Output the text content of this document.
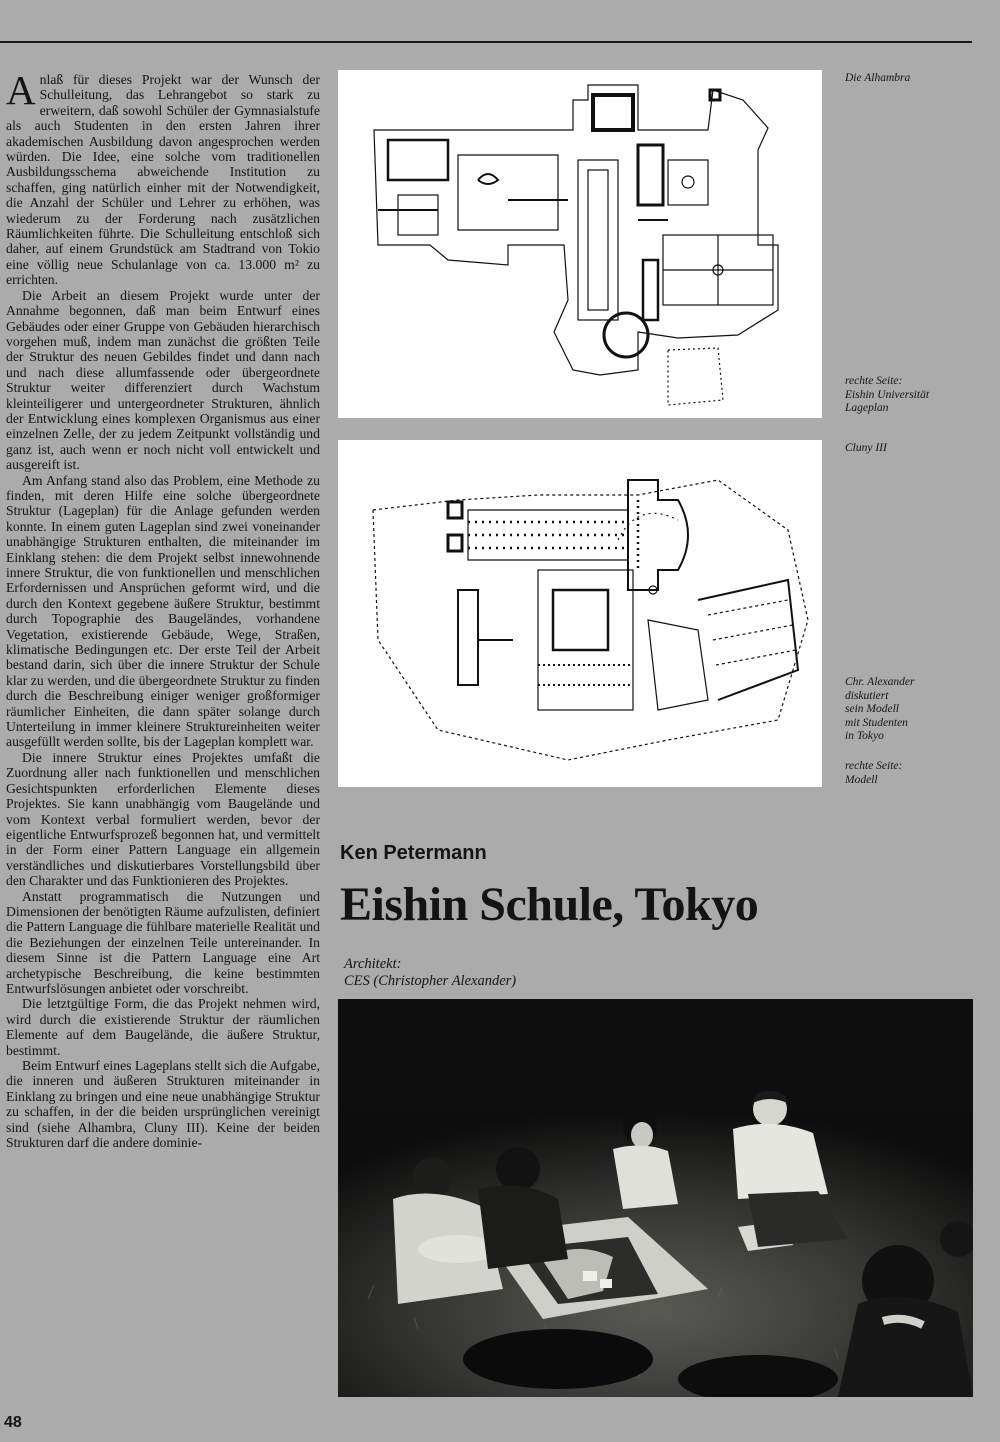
Anlaß für dieses Projekt war der Wunsch der Schulleitung, das Lehrangebot so stark zu erweitern, daß sowohl Schüler der Gymnasialstufe als auch Studenten in den ersten Jahren ihrer akademischen Ausbildung davon angesprochen werden würden. Die Idee, eine solche vom traditionellen Ausbildungsschema abweichende Institution zu schaffen, ging natürlich einher mit der Notwendigkeit, die Anzahl der Schüler und Lehrer zu erhöhen, was wiederum zu der Forderung nach zusätzlichen Räumlichkeiten führte. Die Schulleitung entschloß sich daher, auf einem Grundstück am Stadtrand von Tokio eine völlig neue Schulanlage von ca. 13.000 m² zu errichten.

Die Arbeit an diesem Projekt wurde unter der Annahme begonnen, daß man beim Entwurf eines Gebäudes oder einer Gruppe von Gebäuden hierarchisch vorgehen muß, indem man zunächst die größten Teile der Struktur des neuen Gebildes findet und dann nach und nach diese allumfassende oder übergeordnete Struktur weiter differenziert durch Wachstum kleinteiligerer und untergeordneter Strukturen, ähnlich der Entwicklung eines komplexen Organismus aus einer einzelnen Zelle, der zu jedem Zeitpunkt vollständig und ganz ist, auch wenn er noch nicht voll entwickelt und ausgereift ist.

Am Anfang stand also das Problem, eine Methode zu finden, mit deren Hilfe eine solche übergeordnete Struktur (Lageplan) für die Anlage gefunden werden konnte. In einem guten Lageplan sind zwei voneinander unabhängige Strukturen enthalten, die miteinander im Einklang stehen: die dem Projekt selbst innewohnende innere Struktur, die von funktionellen und menschlichen Erfordernissen und Ansprüchen geformt wird, und die durch den Kontext gegebene äußere Struktur, bestimmt durch Topographie des Baugeländes, vorhandene Vegetation, existierende Gebäude, Wege, Straßen, klimatische Bedingungen etc. Der erste Teil der Arbeit bestand darin, sich über die innere Struktur der Schule klar zu werden, und die übergeordnete Struktur zu finden durch die Beschreibung einiger weniger großformiger räumlicher Einheiten, die dann später solange durch Unterteilung in immer kleinere Struktureinheiten weiter ausgefüllt werden sollte, bis der Lageplan komplett war.

Die innere Struktur eines Projektes umfaßt die Zuordnung aller nach funktionellen und menschlichen Gesichtspunkten erforderlichen Elemente dieses Projektes. Sie kann unabhängig vom Baugelände und vom Kontext verbal formuliert werden, bevor der eigentliche Entwurfsprozeß begonnen hat, und vermittelt in der Form einer Pattern Language ein allgemein verständliches und diskutierbares Vorstellungsbild über den Charakter und das Funktionieren des Projektes.

Anstatt programmatisch die Nutzungen und Dimensionen der benötigten Räume aufzulisten, definiert die Pattern Language die fühlbare materielle Realität und die Beziehungen der einzelnen Teile untereinander. In diesem Sinne ist die Pattern Language eine Art archetypische Beschreibung, die keine bestimmten Entwurfslösungen anbietet oder vorschreibt.

Die letztgültige Form, die das Projekt nehmen wird, wird durch die existierende Struktur der räumlichen Elemente auf dem Baugelände, die äußere Struktur, bestimmt.

Beim Entwurf eines Lageplans stellt sich die Aufgabe, die inneren und äußeren Strukturen miteinander in Einklang zu bringen und eine neue unabhängige Struktur zu schaffen, in der die beiden ursprünglichen vereinigt sind (siehe Alhambra, Cluny III). Keine der beiden Strukturen darf die andere dominie-

Die Alhambra
rechte Seite:
Eishin Universität
Lageplan
Cluny III
Chr. Alexander
diskutiert
sein Modell
mit Studenten
in Tokyo
rechte Seite:
Modell
Ken Petermann
Eishin Schule, Tokyo
Architekt:
CES (Christopher Alexander)
48
